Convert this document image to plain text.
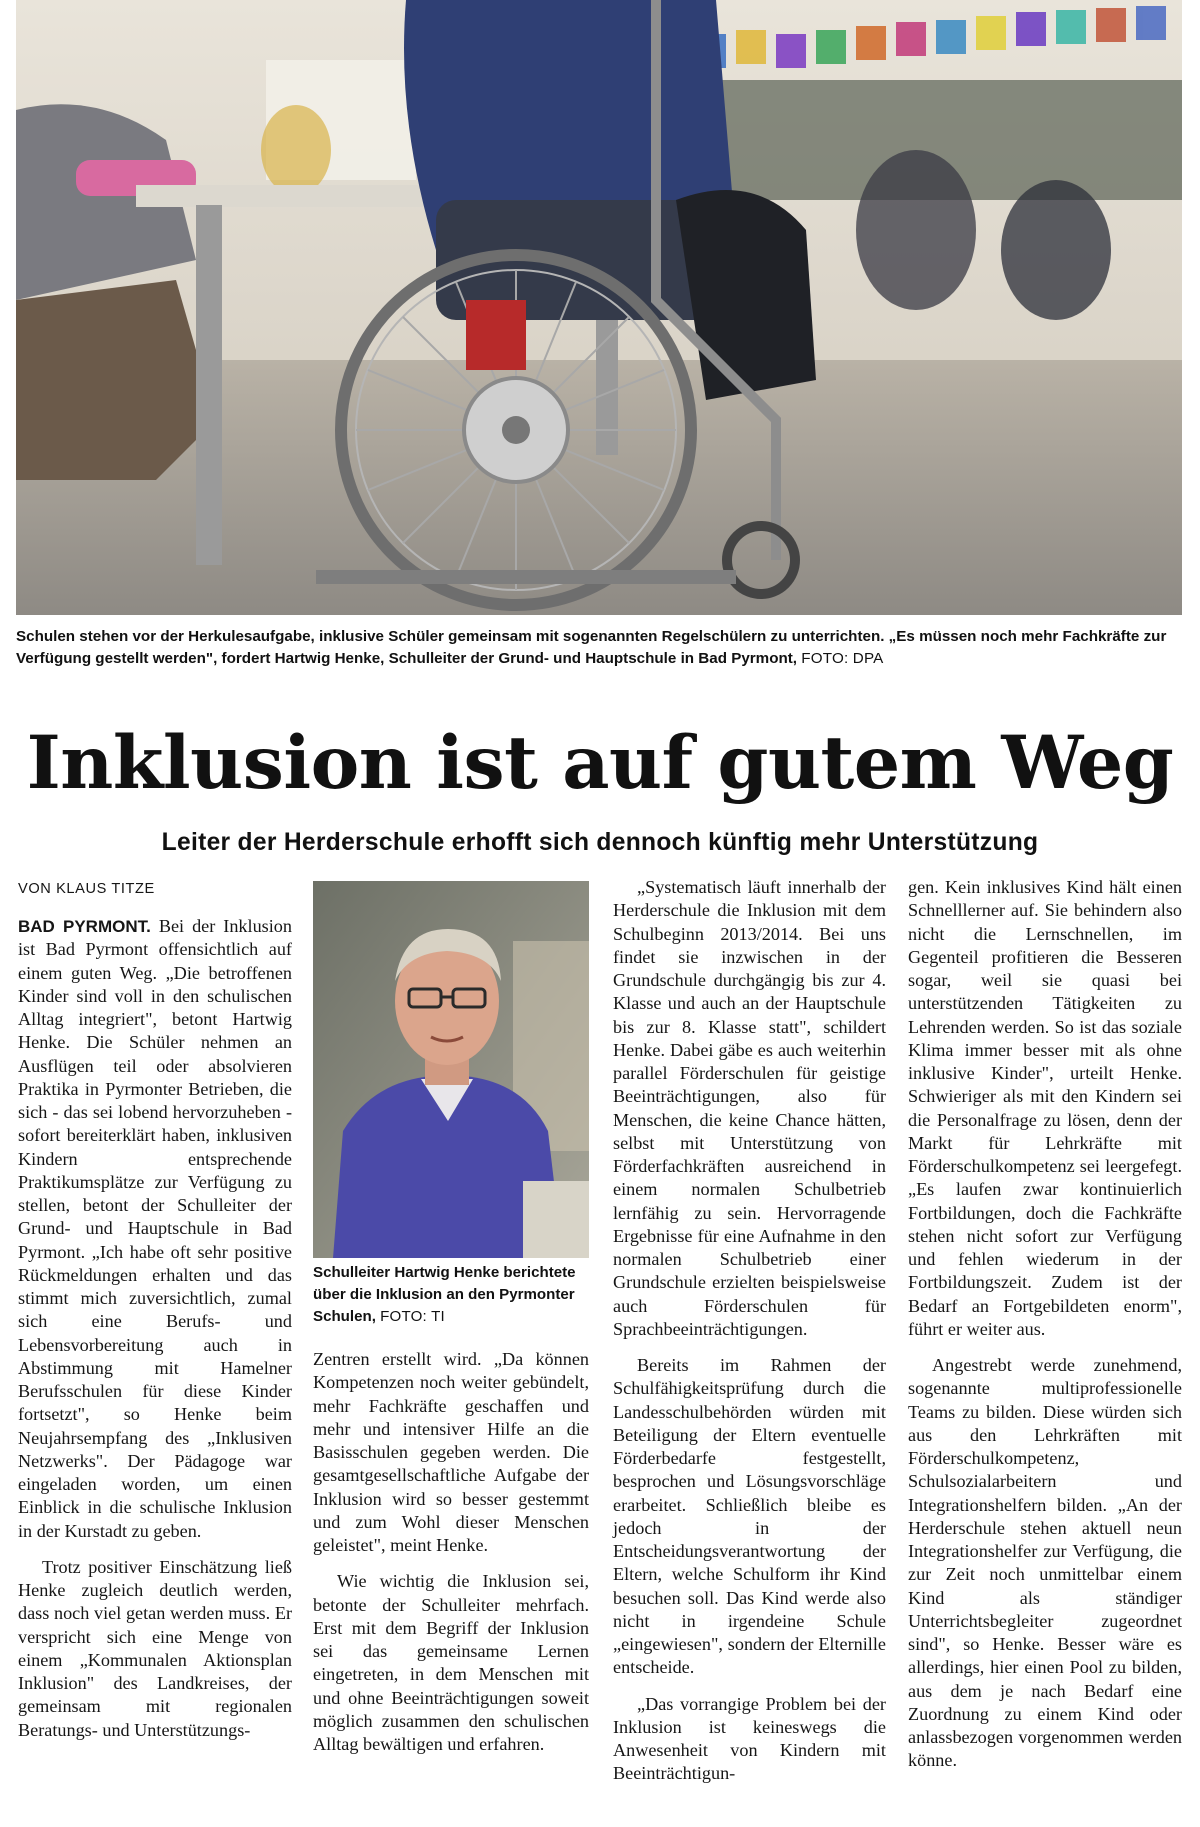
Schulen stehen vor der Herkulesaufgabe, inklusive Schüler gemeinsam mit sogenannten Regelschülern zu unterrichten. „Es müssen noch mehr Fachkräfte zur Verfügung gestellt werden", fordert Hartwig Henke, Schulleiter der Grund- und Hauptschule in Bad Pyrmont, FOTO: DPA
Inklusion ist auf gutem Weg
Leiter der Herderschule erhofft sich dennoch künftig mehr Unterstützung
VON KLAUS TITZE

BAD PYRMONT. Bei der Inklusion ist Bad Pyrmont offensichtlich auf einem guten Weg. „Die betroffenen Kinder sind voll in den schulischen Alltag integriert", betont Hartwig Henke. Die Schüler nehmen an Ausflügen teil oder absolvieren Praktika in Pyrmonter Betrieben, die sich - das sei lobend hervorzuheben - sofort bereiterklärt haben, inklusiven Kindern entsprechende Praktikumsplätze zur Verfügung zu stellen, betont der Schulleiter der Grund- und Hauptschule in Bad Pyrmont. „Ich habe oft sehr positive Rückmeldungen erhalten und das stimmt mich zuversichtlich, zumal sich eine Berufs- und Lebensvorbereitung auch in Abstimmung mit Hamelner Berufsschulen für diese Kinder fortsetzt", so Henke beim Neujahrsempfang des „Inklusiven Netzwerks". Der Pädagoge war eingeladen worden, um einen Einblick in die schulische Inklusion in der Kurstadt zu geben.

Trotz positiver Einschätzung ließ Henke zugleich deutlich werden, dass noch viel getan werden muss. Er verspricht sich eine Menge von einem „Kommunalen Aktionsplan Inklusion" des Landkreises, der gemeinsam mit regionalen Beratungs- und Unterstützungs-

Schulleiter Hartwig Henke berichtete über die Inklusion an den Pyrmonter Schulen, FOTO: TI

Zentren erstellt wird. „Da können Kompetenzen noch weiter gebündelt, mehr Fachkräfte geschaffen und mehr und intensiver Hilfe an die Basisschulen gegeben werden. Die gesamtgesellschaftliche Aufgabe der Inklusion wird so besser gestemmt und zum Wohl dieser Menschen geleistet", meint Henke.

Wie wichtig die Inklusion sei, betonte der Schulleiter mehrfach. Erst mit dem Begriff der Inklusion sei das gemeinsame Lernen eingetreten, in dem Menschen mit und ohne Beeinträchtigungen soweit möglich zusammen den schulischen Alltag bewältigen und erfahren.

„Systematisch läuft innerhalb der Herderschule die Inklusion mit dem Schulbeginn 2013/2014. Bei uns findet sie inzwischen in der Grundschule durchgängig bis zur 4. Klasse und auch an der Hauptschule bis zur 8. Klasse statt", schildert Henke. Dabei gäbe es auch weiterhin parallel Förderschulen für geistige Beeinträchtigungen, also für Menschen, die keine Chance hätten, selbst mit Unterstützung von Förderfachkräften ausreichend in einem normalen Schulbetrieb lernfähig zu sein. Hervorragende Ergebnisse für eine Aufnahme in den normalen Schulbetrieb einer Grundschule erzielten beispielsweise auch Förderschulen für Sprachbeeinträchtigungen.

Bereits im Rahmen der Schulfähigkeitsprüfung durch die Landesschulbehörden würden mit Beteiligung der Eltern eventuelle Förderbedarfe festgestellt, besprochen und Lösungsvorschläge erarbeitet. Schließlich bleibe es jedoch in der Entscheidungsverantwortung der Eltern, welche Schulform ihr Kind besuchen soll. Das Kind werde also nicht in irgendeine Schule „eingewiesen", sondern der Elternille entscheide.

„Das vorrangige Problem bei der Inklusion ist keineswegs die Anwesenheit von Kindern mit Beeinträchtigun-

gen. Kein inklusives Kind hält einen Schnelllerner auf. Sie behindern also nicht die Lernschnellen, im Gegenteil profitieren die Besseren sogar, weil sie quasi bei unterstützenden Tätigkeiten zu Lehrenden werden. So ist das soziale Klima immer besser mit als ohne inklusive Kinder", urteilt Henke. Schwieriger als mit den Kindern sei die Personalfrage zu lösen, denn der Markt für Lehrkräfte mit Förderschulkompetenz sei leergefegt. „Es laufen zwar kontinuierlich Fortbildungen, doch die Fachkräfte stehen nicht sofort zur Verfügung und fehlen wiederum in der Fortbildungszeit. Zudem ist der Bedarf an Fortgebildeten enorm", führt er weiter aus.

Angestrebt werde zunehmend, sogenannte multiprofessionelle Teams zu bilden. Diese würden sich aus den Lehrkräften mit Förderschulkompetenz, Schulsozialarbeitern und Integrationshelfern bilden. „An der Herderschule stehen aktuell neun Integrationshelfer zur Verfügung, die zur Zeit noch unmittelbar einem Kind als ständiger Unterrichtsbegleiter zugeordnet sind", so Henke. Besser wäre es allerdings, hier einen Pool zu bilden, aus dem je nach Bedarf eine Zuordnung zu einem Kind oder anlassbezogen vorgenommen werden könne.
